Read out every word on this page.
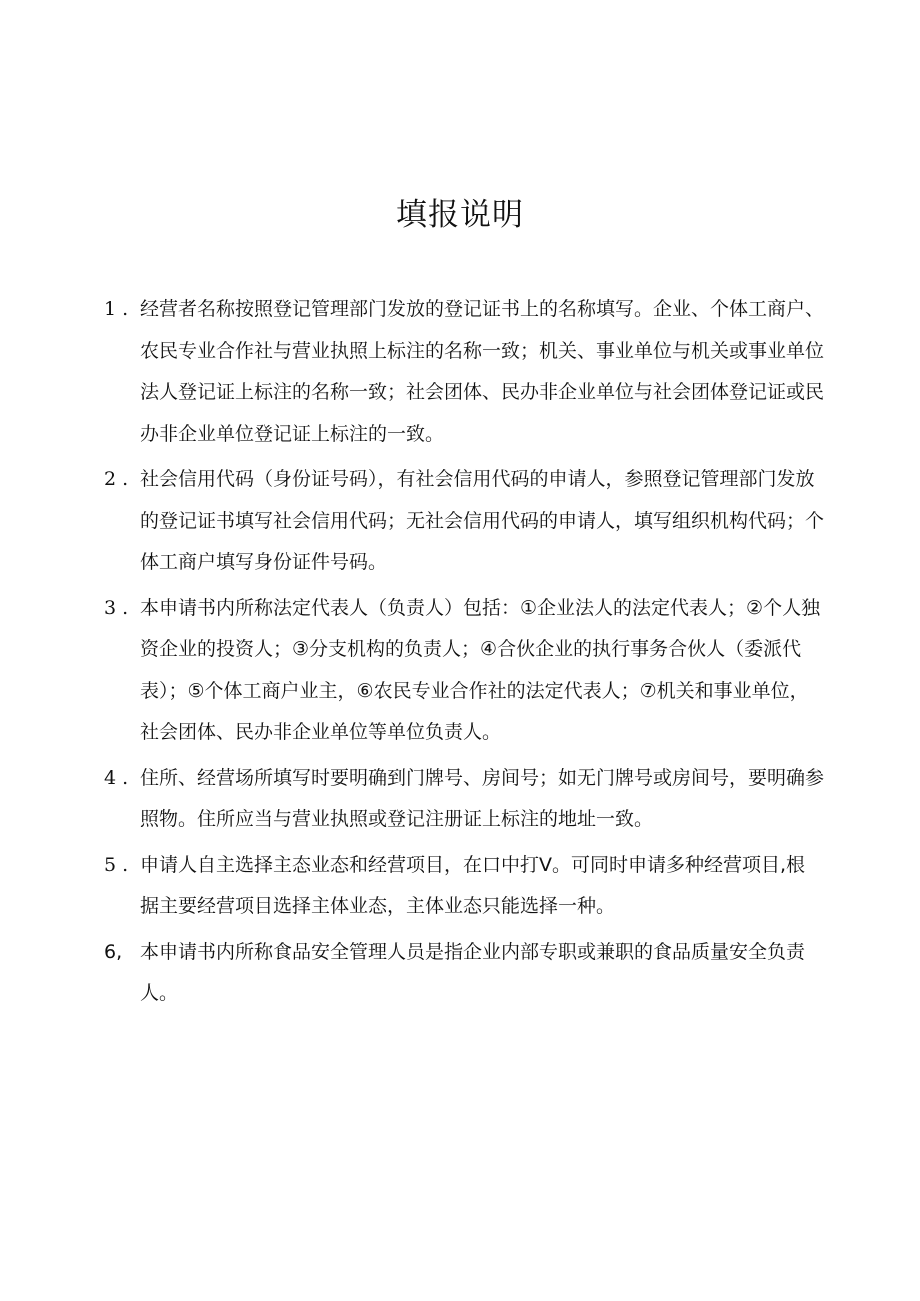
填报说明
1 . 经营者名称按照登记管理部门发放的登记证书上的名称填写。企业、个体工商户、农民专业合作社与营业执照上标注的名称一致；机关、事业单位与机关或事业单位法人登记证上标注的名称一致；社会团体、民办非企业单位与社会团体登记证或民办非企业单位登记证上标注的一致。
2 . 社会信用代码（身份证号码），有社会信用代码的申请人，参照登记管理部门发放的登记证书填写社会信用代码；无社会信用代码的申请人，填写组织机构代码；个体工商户填写身份证件号码。
3 . 本申请书内所称法定代表人（负责人）包括：①企业法人的法定代表人；②个人独资企业的投资人；③分支机构的负责人；④合伙企业的执行事务合伙人（委派代表）；⑤个体工商户业主，⑥农民专业合作社的法定代表人；⑦机关和事业单位，社会团体、民办非企业单位等单位负责人。
4 . 住所、经营场所填写时要明确到门牌号、房间号；如无门牌号或房间号，要明确参照物。住所应当与营业执照或登记注册证上标注的地址一致。
5 . 申请人自主选择主态业态和经营项目，在口中打V。可同时申请多种经营项目,根据主要经营项目选择主体业态，主体业态只能选择一种。
6, 本申请书内所称食品安全管理人员是指企业内部专职或兼职的食品质量安全负责人。
